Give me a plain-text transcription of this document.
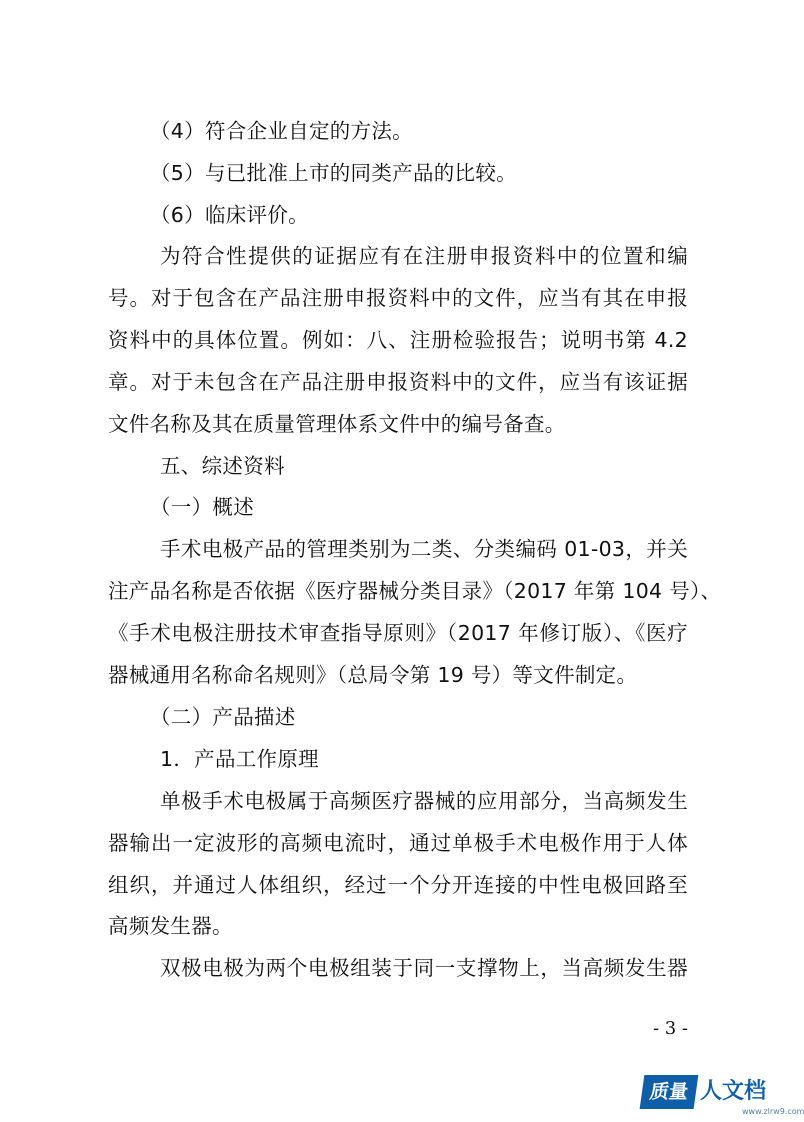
（4）符合企业自定的方法。
（5）与已批准上市的同类产品的比较。
（6）临床评价。
为符合性提供的证据应有在注册申报资料中的位置和编
号。对于包含在产品注册申报资料中的文件，应当有其在申报
资料中的具体位置。例如：八、注册检验报告；说明书第 4.2
章。对于未包含在产品注册申报资料中的文件，应当有该证据
文件名称及其在质量管理体系文件中的编号备查。
五、综述资料
（一）概述
手术电极产品的管理类别为二类、分类编码 01-03，并关
注产品名称是否依据《医疗器械分类目录》（2017 年第 104 号）、
《手术电极注册技术审查指导原则》（2017 年修订版）、《医疗
器械通用名称命名规则》（总局令第 19 号）等文件制定。
（二）产品描述
1．产品工作原理
单极手术电极属于高频医疗器械的应用部分，当高频发生
器输出一定波形的高频电流时，通过单极手术电极作用于人体
组织，并通过人体组织，经过一个分开连接的中性电极回路至
高频发生器。
双极电极为两个电极组装于同一支撑物上，当高频发生器
- 3 -
质量 人文档
www.zlrw9.com
